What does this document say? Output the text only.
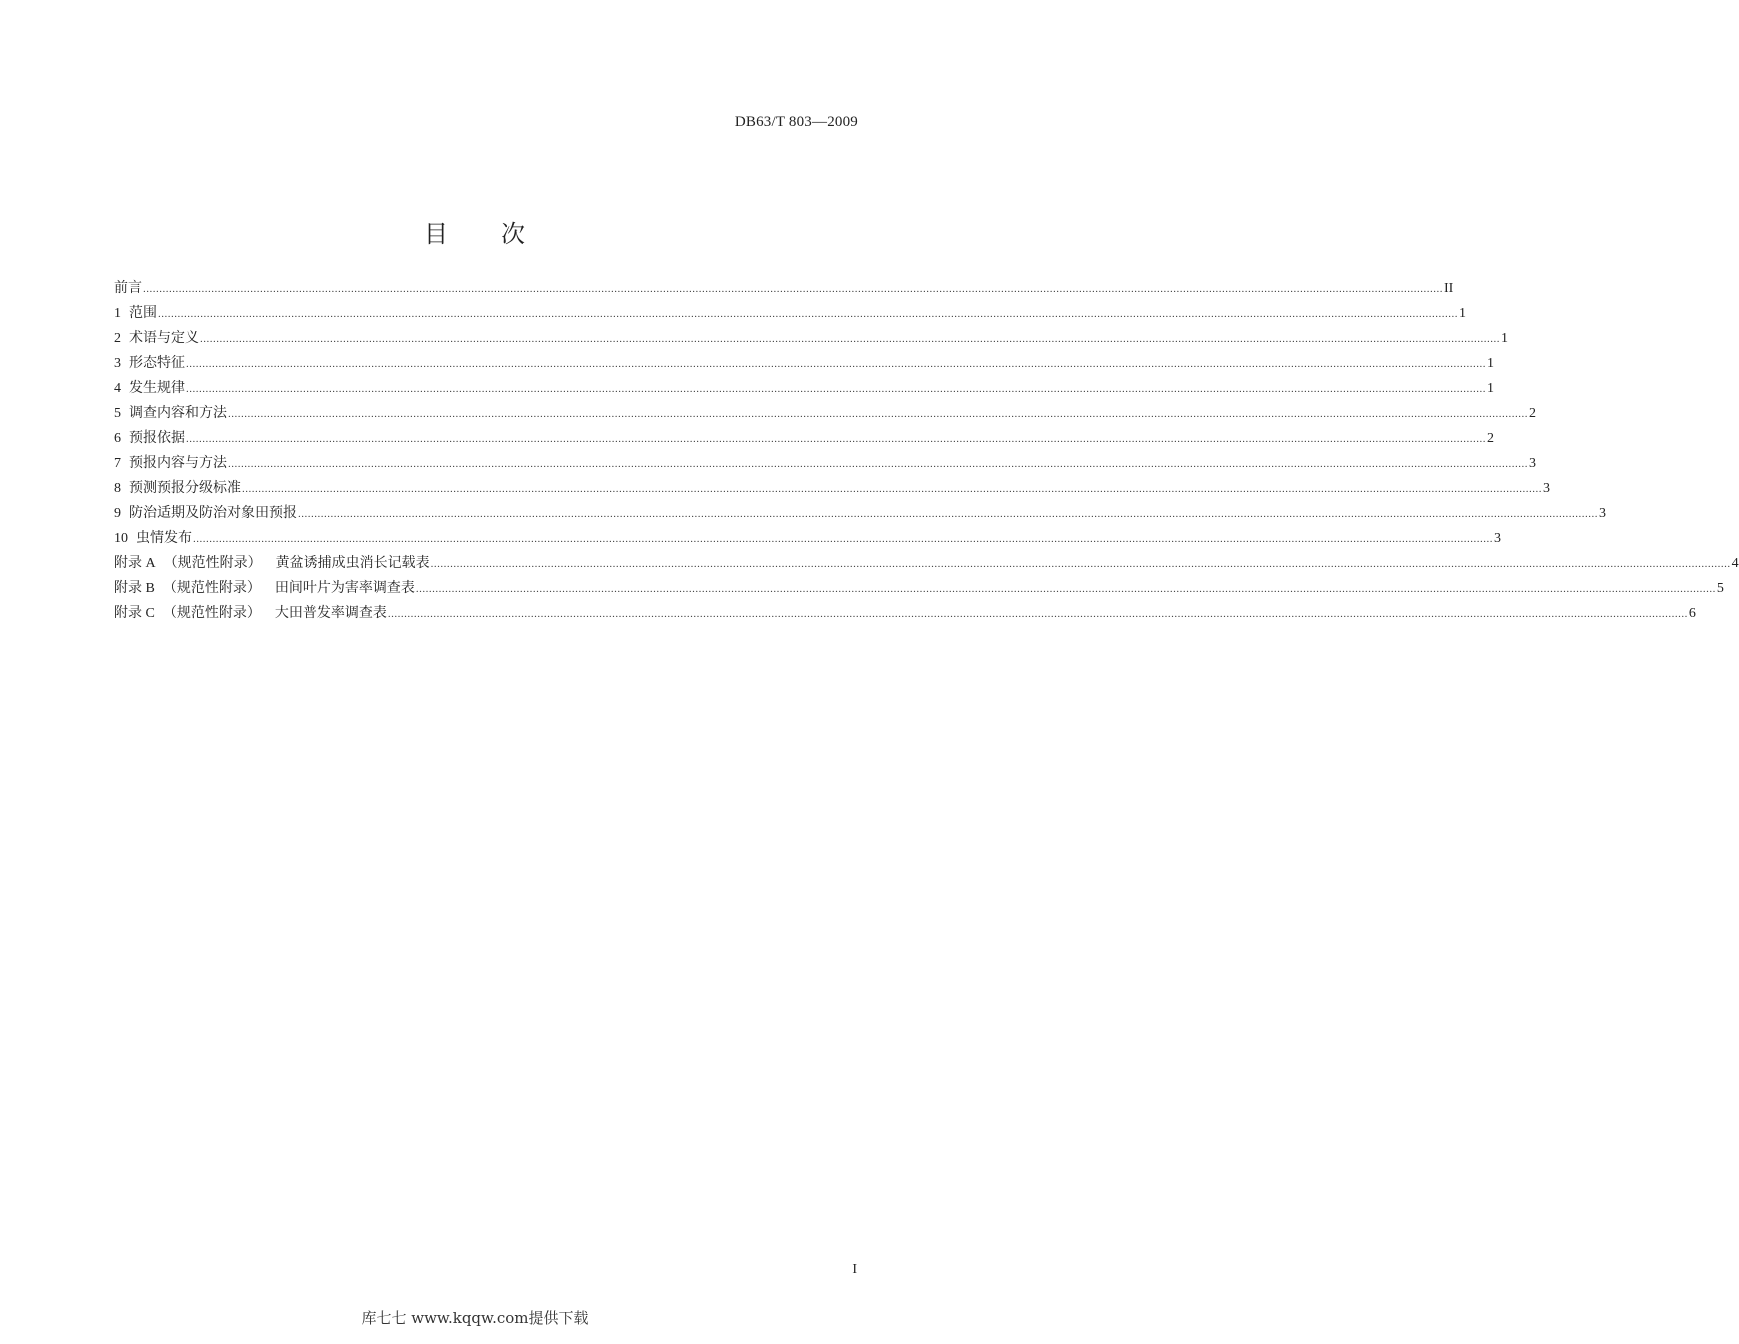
DB63/T 803—2009
目 次
前言 ................................................................................................................................................................................................................................................................................................................................................................................................................ II
1 范围 ................................................................................................................................................................................................................................................................................................................................................................................................................ 1
2 术语与定义 ................................................................................................................................................................................................................................................................................................................................................................................................................ 1
3 形态特征 ................................................................................................................................................................................................................................................................................................................................................................................................................ 1
4 发生规律 ................................................................................................................................................................................................................................................................................................................................................................................................................ 1
5 调查内容和方法 ................................................................................................................................................................................................................................................................................................................................................................................................................ 2
6 预报依据 ................................................................................................................................................................................................................................................................................................................................................................................................................ 2
7 预报内容与方法 ................................................................................................................................................................................................................................................................................................................................................................................................................ 3
8 预测预报分级标准 ................................................................................................................................................................................................................................................................................................................................................................................................................ 3
9 防治适期及防治对象田预报 ................................................................................................................................................................................................................................................................................................................................................................................................................ 3
10 虫情发布 ................................................................................................................................................................................................................................................................................................................................................................................................................ 3
附录 A （规范性附录） 黄盆诱捕成虫消长记载表 ................................................................................................................................................................................................................................................................................................................................................................................................................ 4
附录 B （规范性附录） 田间叶片为害率调查表 ................................................................................................................................................................................................................................................................................................................................................................................................................ 5
附录 C （规范性附录） 大田普发率调查表 ................................................................................................................................................................................................................................................................................................................................................................................................................ 6
I
库七七 www.kqqw.com提供下载
